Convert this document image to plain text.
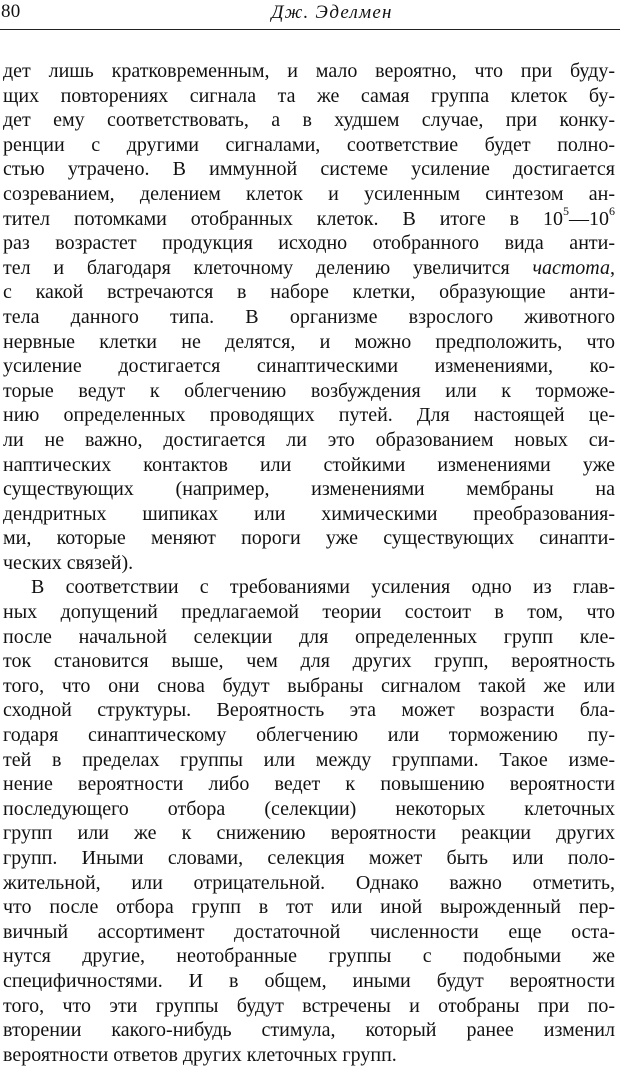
80	Дж. Эделмен
дет лишь кратковременным, и мало вероятно, что при буду-
щих повторениях сигнала та же самая группа клеток бу-
дет ему соответствовать, а в худшем случае, при конку-
ренции с другими сигналами, соответствие будет полно-
стью утрачено. В иммунной системе усиление достигается
созреванием, делением клеток и усиленным синтезом ан-
тител потомками отобранных клеток. В итоге в $10^5—10^6$
раз возрастет продукция исходно отобранного вида анти-
тел и благодаря клеточному делению увеличится частота,
с какой встречаются в наборе клетки, образующие анти-
тела данного типа. В организме взрослого животного
нервные клетки не делятся, и можно предположить, что
усиление достигается синаптическими изменениями, ко-
торые ведут к облегчению возбуждения или к торможе-
нию определенных проводящих путей. Для настоящей це-
ли не важно, достигается ли это образованием новых си-
наптических контактов или стойкими изменениями уже
существующих (например, изменениями мембраны на
дендритных шипиках или химическими преобразования-
ми, которые меняют пороги уже существующих синапти-
ческих связей).
В соответствии с требованиями усиления одно из глав-
ных допущений предлагаемой теории состоит в том, что
после начальной селекции для определенных групп кле-
ток становится выше, чем для других групп, вероятность
того, что они снова будут выбраны сигналом такой же или
сходной структуры. Вероятность эта может возрасти бла-
годаря синаптическому облегчению или торможению пу-
тей в пределах группы или между группами. Такое изме-
нение вероятности либо ведет к повышению вероятности
последующего отбора (селекции) некоторых клеточных
групп или же к снижению вероятности реакции других
групп. Иными словами, селекция может быть или поло-
жительной, или отрицательной. Однако важно отметить,
что после отбора групп в тот или иной вырожденный пер-
вичный ассортимент достаточной численности еще оста-
нутся другие, неотобранные группы с подобными же
специфичностями. И в общем, иными будут вероятности
того, что эти группы будут встречены и отобраны при по-
вторении какого-нибудь стимула, который ранее изменил
вероятности ответов других клеточных групп.
